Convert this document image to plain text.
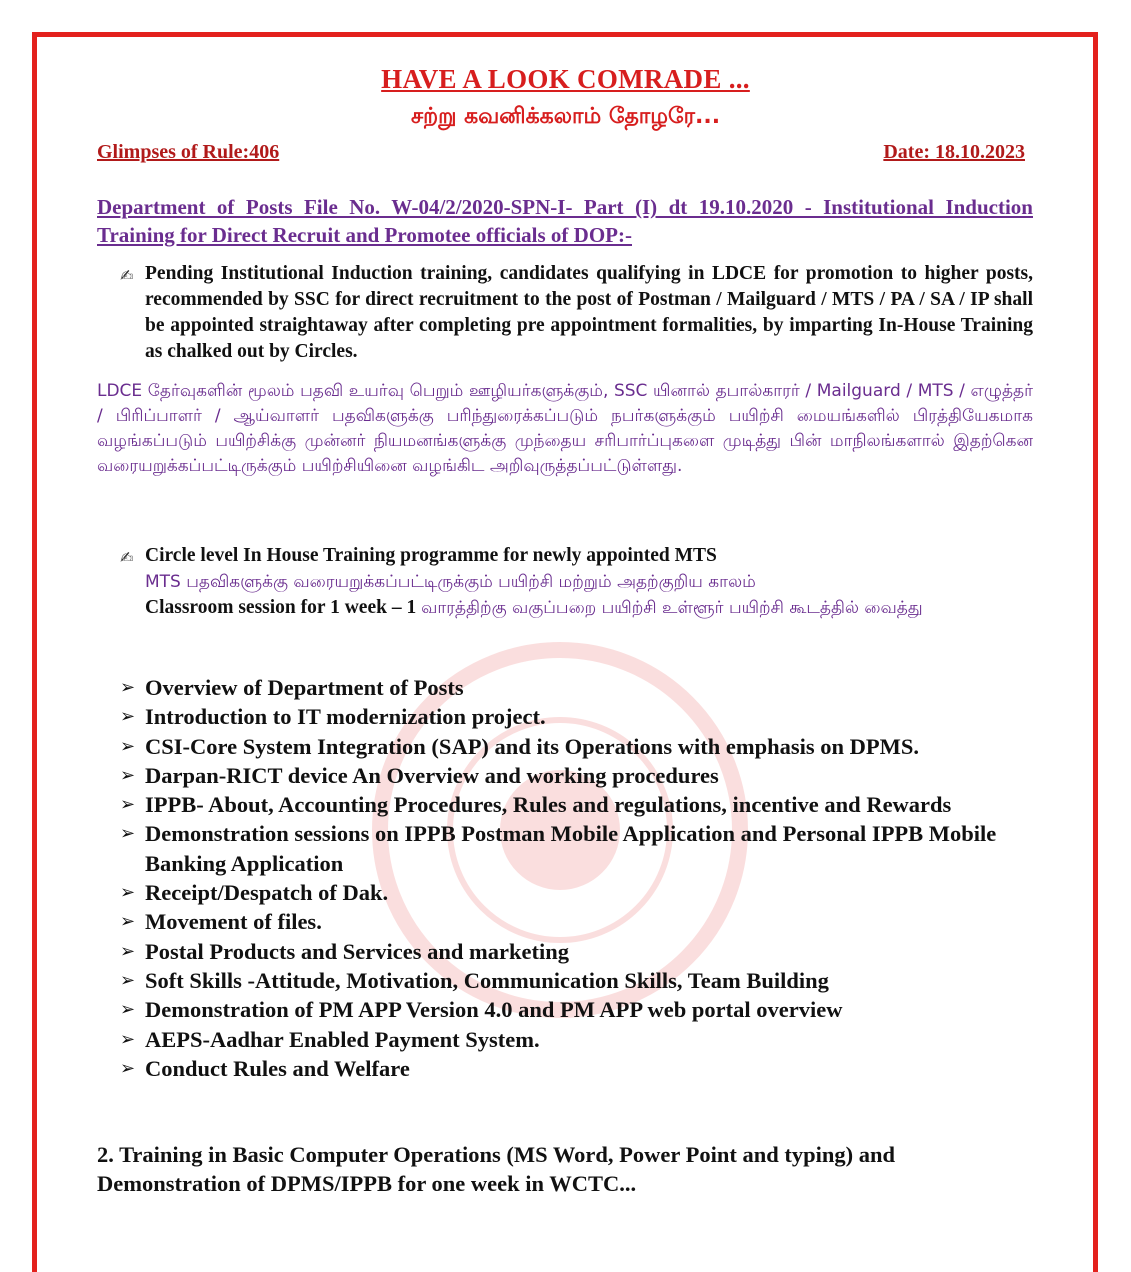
HAVE A LOOK COMRADE ...
சற்று கவனிக்கலாம் தோழரே...
Glimpses of Rule:406	Date: 18.10.2023
Department of Posts File No. W-04/2/2020-SPN-I- Part (I) dt 19.10.2020 - Institutional Induction Training for Direct Recruit and Promotee officials of DOP:-
✍ Pending Institutional Induction training, candidates qualifying in LDCE for promotion to higher posts, recommended by SSC for direct recruitment to the post of Postman / Mailguard / MTS / PA / SA / IP shall be appointed straightaway after completing pre appointment formalities, by imparting In-House Training as chalked out by Circles.
LDCE தேர்வுகளின் மூலம் பதவி உயர்வு பெறும் ஊழியர்களுக்கும், SSC யினால் தபால்காரர் / Mailguard / MTS / எழுத்தர் / பிரிப்பாளர் / ஆய்வாளர் பதவிகளுக்கு பரிந்துரைக்கப்படும் நபர்களுக்கும் பயிற்சி மையங்களில் பிரத்தியேகமாக வழங்கப்படும் பயிற்சிக்கு முன்னர் நியமனங்களுக்கு முந்தைய சரிபார்ப்புகளை முடித்து பின் மாநிலங்களால் இதற்கென வரையறுக்கப்பட்டிருக்கும் பயிற்சியினை வழங்கிட அறிவுருத்தப்பட்டுள்ளது.
✍ Circle level In House Training programme for newly appointed MTS
MTS பதவிகளுக்கு வரையறுக்கப்பட்டிருக்கும் பயிற்சி மற்றும் அதற்குறிய காலம்
Classroom session for 1 week – 1 வாரத்திற்கு வகுப்பறை பயிற்சி உள்ளூர் பயிற்சி கூடத்தில் வைத்து
➢ Overview of Department of Posts
➢ Introduction to IT modernization project.
➢ CSI-Core System Integration (SAP) and its Operations with emphasis on DPMS.
➢ Darpan-RICT device An Overview and working procedures
➢ IPPB- About, Accounting Procedures, Rules and regulations, incentive and Rewards
➢ Demonstration sessions on IPPB Postman Mobile Application and Personal IPPB Mobile Banking Application
➢ Receipt/Despatch of Dak.
➢ Movement of files.
➢ Postal Products and Services and marketing
➢ Soft Skills -Attitude, Motivation, Communication Skills, Team Building
➢ Demonstration of PM APP Version 4.0 and PM APP web portal overview
➢ AEPS-Aadhar Enabled Payment System.
➢ Conduct Rules and Welfare
2. Training in Basic Computer Operations (MS Word, Power Point and typing) and Demonstration of DPMS/IPPB for one week in WCTC...
